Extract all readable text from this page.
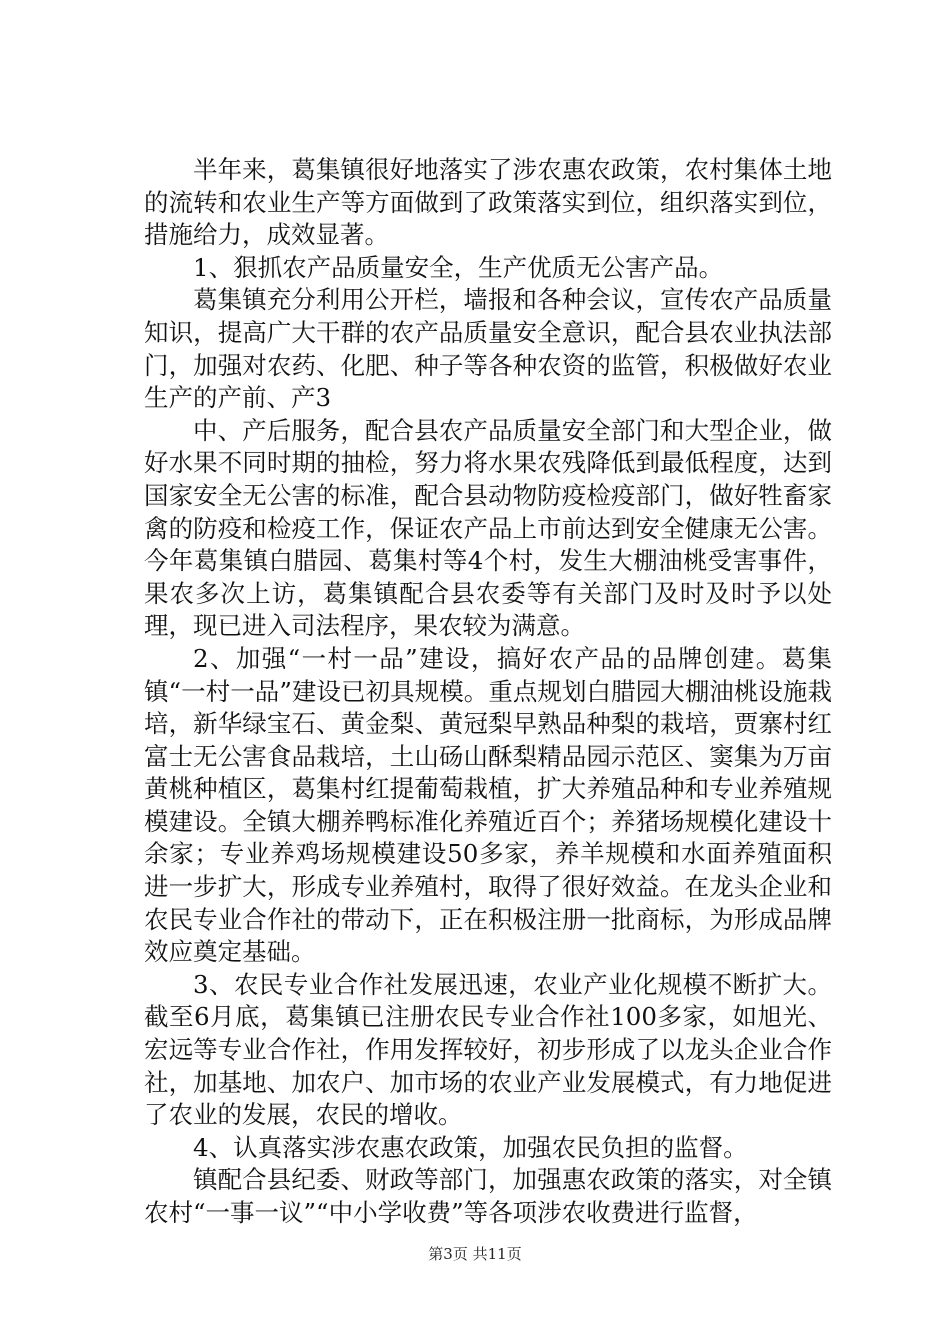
半年来，葛集镇很好地落实了涉农惠农政策，农村集体土地的流转和农业生产等方面做到了政策落实到位，组织落实到位，措施给力，成效显著。

1、狠抓农产品质量安全，生产优质无公害产品。

葛集镇充分利用公开栏，墙报和各种会议，宣传农产品质量知识，提高广大干群的农产品质量安全意识，配合县农业执法部门，加强对农药、化肥、种子等各种农资的监管，积极做好农业生产的产前、产3

中、产后服务，配合县农产品质量安全部门和大型企业，做好水果不同时期的抽检，努力将水果农残降低到最低程度，达到国家安全无公害的标准，配合县动物防疫检疫部门，做好牲畜家禽的防疫和检疫工作，保证农产品上市前达到安全健康无公害。今年葛集镇白腊园、葛集村等4个村，发生大棚油桃受害事件，果农多次上访，葛集镇配合县农委等有关部门及时及时予以处理，现已进入司法程序，果农较为满意。

2、加强“一村一品”建设，搞好农产品的品牌创建。葛集镇“一村一品”建设已初具规模。重点规划白腊园大棚油桃设施栽培，新华绿宝石、黄金梨、黄冠梨早熟品种梨的栽培，贾寨村红富士无公害食品栽培，土山砀山酥梨精品园示范区、窦集为万亩黄桃种植区，葛集村红提葡萄栽植，扩大养殖品种和专业养殖规模建设。全镇大棚养鸭标准化养殖近百个；养猪场规模化建设十余家；专业养鸡场规模建设50多家，养羊规模和水面养殖面积进一步扩大，形成专业养殖村，取得了很好效益。在龙头企业和农民专业合作社的带动下，正在积极注册一批商标，为形成品牌效应奠定基础。

3、农民专业合作社发展迅速，农业产业化规模不断扩大。截至6月底，葛集镇已注册农民专业合作社100多家，如旭光、宏远等专业合作社，作用发挥较好，初步形成了以龙头企业合作社，加基地、加农户、加市场的农业产业发展模式，有力地促进了农业的发展，农民的增收。

4、认真落实涉农惠农政策，加强农民负担的监督。

镇配合县纪委、财政等部门，加强惠农政策的落实，对全镇农村“一事一议”“中小学收费”等各项涉农收费进行监督，

第3页 共11页
